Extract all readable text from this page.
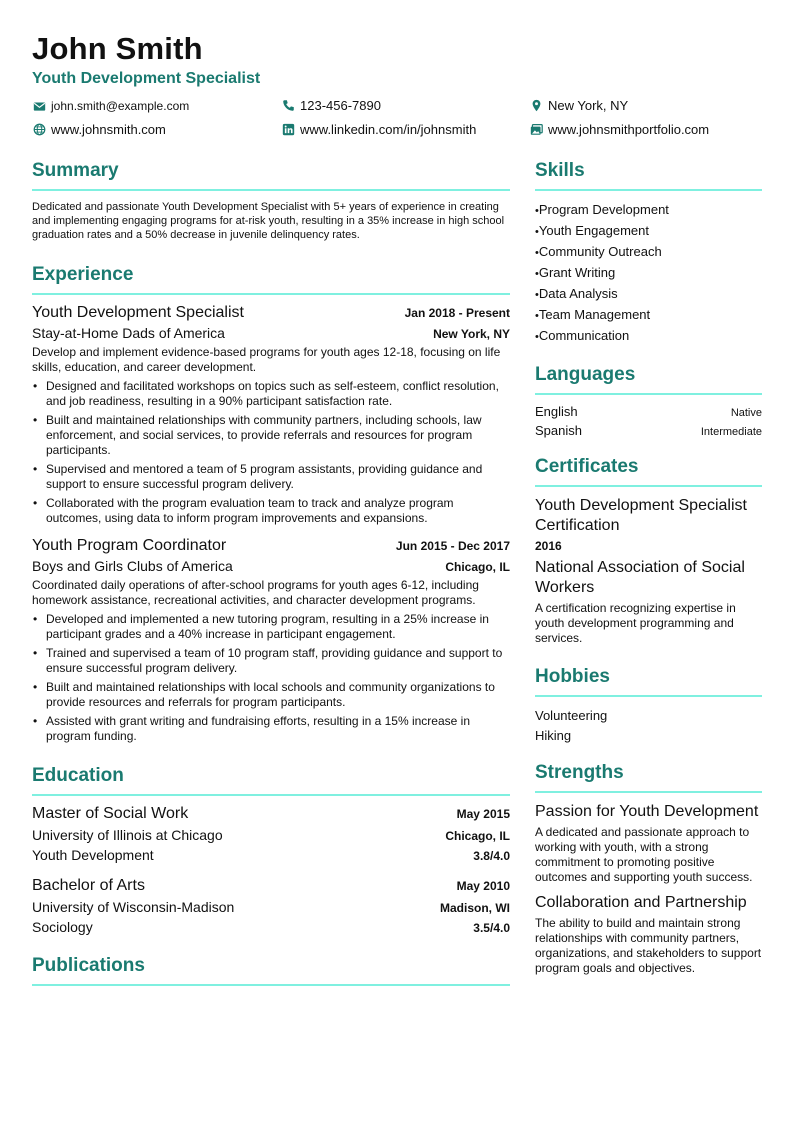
John Smith
Youth Development Specialist
john.smith@example.com	123-456-7890	New York, NY
www.johnsmith.com	www.linkedin.com/in/johnsmith	www.johnsmithportfolio.com
Summary

Dedicated and passionate Youth Development Specialist with 5+ years of experience in creating and implementing engaging programs for at-risk youth, resulting in a 35% increase in high school graduation rates and a 50% decrease in juvenile delinquency rates.

Experience
Youth Development Specialist	Jan 2018 - Present
Stay-at-Home Dads of America	New York, NY

Develop and implement evidence-based programs for youth ages 12-18, focusing on life skills, education, and career development.

• Designed and facilitated workshops on topics such as self-esteem, conflict resolution, and job readiness, resulting in a 90% participant satisfaction rate.
• Built and maintained relationships with community partners, including schools, law enforcement, and social services, to provide referrals and resources for program participants.
• Supervised and mentored a team of 5 program assistants, providing guidance and support to ensure successful program delivery.
• Collaborated with the program evaluation team to track and analyze program outcomes, using data to inform program improvements and expansions.
Youth Program Coordinator	Jun 2015 - Dec 2017
Boys and Girls Clubs of America	Chicago, IL

Coordinated daily operations of after-school programs for youth ages 6-12, including homework assistance, recreational activities, and character development programs.

• Developed and implemented a new tutoring program, resulting in a 25% increase in participant grades and a 40% increase in participant engagement.
• Trained and supervised a team of 10 program staff, providing guidance and support to ensure successful program delivery.
• Built and maintained relationships with local schools and community organizations to provide resources and referrals for program participants.
• Assisted with grant writing and fundraising efforts, resulting in a 15% increase in program funding.
Education
Master of Social Work	May 2015
University of Illinois at Chicago	Chicago, IL
Youth Development	3.8/4.0
Bachelor of Arts	May 2010
University of Wisconsin-Madison	Madison, WI
Sociology	3.5/4.0
Publications
Skills
• Program Development
• Youth Engagement
• Community Outreach
• Grant Writing
• Data Analysis
• Team Management
• Communication
Languages
English	Native
Spanish	Intermediate
Certificates
Youth Development Specialist Certification
2016
National Association of Social Workers
A certification recognizing expertise in youth development programming and services.
Hobbies
Volunteering
Hiking
Strengths
Passion for Youth Development
A dedicated and passionate approach to working with youth, with a strong commitment to promoting positive outcomes and supporting youth success.
Collaboration and Partnership
The ability to build and maintain strong relationships with community partners, organizations, and stakeholders to support program goals and objectives.
